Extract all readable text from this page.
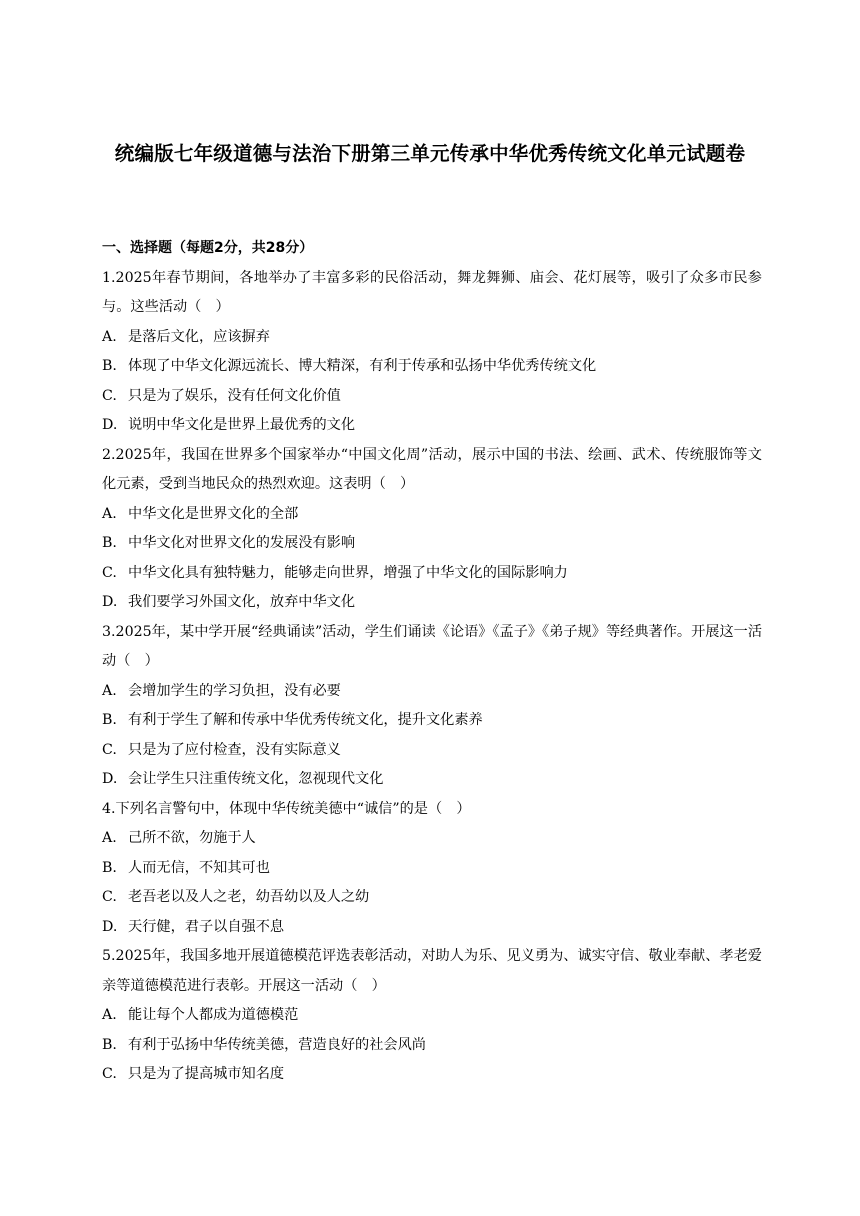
统编版七年级道德与法治下册第三单元传承中华优秀传统文化单元试题卷
一、选择题（每题2分，共28分）

1.2025年春节期间，各地举办了丰富多彩的民俗活动，舞龙舞狮、庙会、花灯展等，吸引了众多市民参与。这些活动（　）

A. 是落后文化，应该摒弃
B. 体现了中华文化源远流长、博大精深，有利于传承和弘扬中华优秀传统文化
C. 只是为了娱乐，没有任何文化价值
D. 说明中华文化是世界上最优秀的文化

2.2025年，我国在世界多个国家举办“中国文化周”活动，展示中国的书法、绘画、武术、传统服饰等文化元素，受到当地民众的热烈欢迎。这表明（　）

A. 中华文化是世界文化的全部
B. 中华文化对世界文化的发展没有影响
C. 中华文化具有独特魅力，能够走向世界，增强了中华文化的国际影响力
D. 我们要学习外国文化，放弃中华文化

3.2025年，某中学开展“经典诵读”活动，学生们诵读《论语》《孟子》《弟子规》等经典著作。开展这一活动（　）

A. 会增加学生的学习负担，没有必要
B. 有利于学生了解和传承中华优秀传统文化，提升文化素养
C. 只是为了应付检查，没有实际意义
D. 会让学生只注重传统文化，忽视现代文化

4.下列名言警句中，体现中华传统美德中“诚信”的是（　）

A. 己所不欲，勿施于人
B. 人而无信，不知其可也
C. 老吾老以及人之老，幼吾幼以及人之幼
D. 天行健，君子以自强不息

5.2025年，我国多地开展道德模范评选表彰活动，对助人为乐、见义勇为、诚实守信、敬业奉献、孝老爱亲等道德模范进行表彰。开展这一活动（　）

A. 能让每个人都成为道德模范
B. 有利于弘扬中华传统美德，营造良好的社会风尚
C. 只是为了提高城市知名度
